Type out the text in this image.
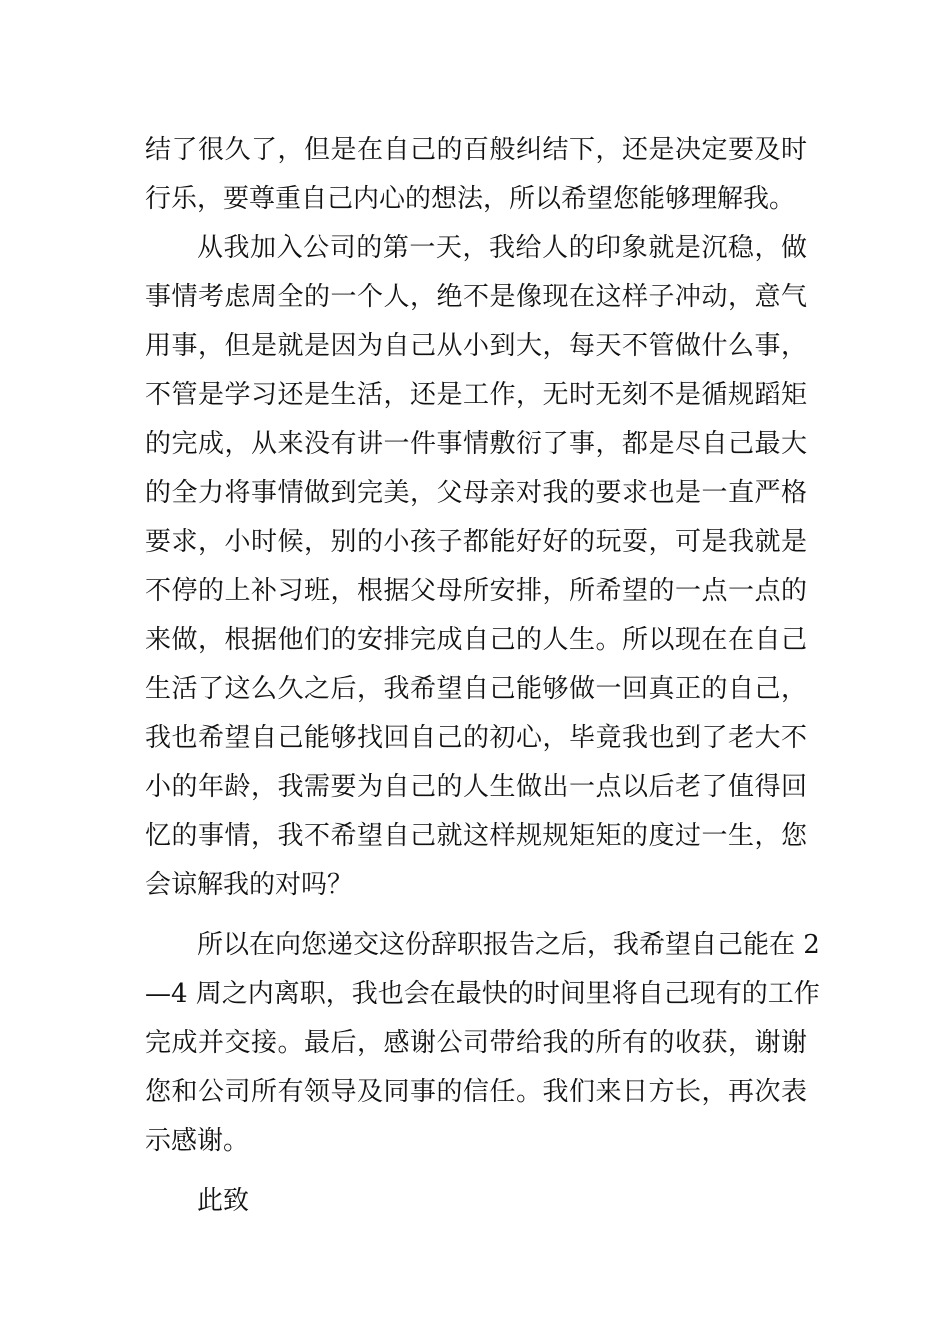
结了很久了，但是在自己的百般纠结下，还是决定要及时
行乐，要尊重自己内心的想法，所以希望您能够理解我。
从我加入公司的第一天，我给人的印象就是沉稳，做
事情考虑周全的一个人，绝不是像现在这样子冲动，意气
用事，但是就是因为自己从小到大，每天不管做什么事，
不管是学习还是生活，还是工作，无时无刻不是循规蹈矩
的完成，从来没有讲一件事情敷衍了事，都是尽自己最大
的全力将事情做到完美，父母亲对我的要求也是一直严格
要求，小时候，别的小孩子都能好好的玩耍，可是我就是
不停的上补习班，根据父母所安排，所希望的一点一点的
来做，根据他们的安排完成自己的人生。所以现在在自己
生活了这么久之后，我希望自己能够做一回真正的自己，
我也希望自己能够找回自己的初心，毕竟我也到了老大不
小的年龄，我需要为自己的人生做出一点以后老了值得回
忆的事情，我不希望自己就这样规规矩矩的度过一生，您
会谅解我的对吗？
所以在向您递交这份辞职报告之后，我希望自己能在 2
—4 周之内离职，我也会在最快的时间里将自己现有的工作
完成并交接。最后，感谢公司带给我的所有的收获，谢谢
您和公司所有领导及同事的信任。我们来日方长，再次表
示感谢。
此致
